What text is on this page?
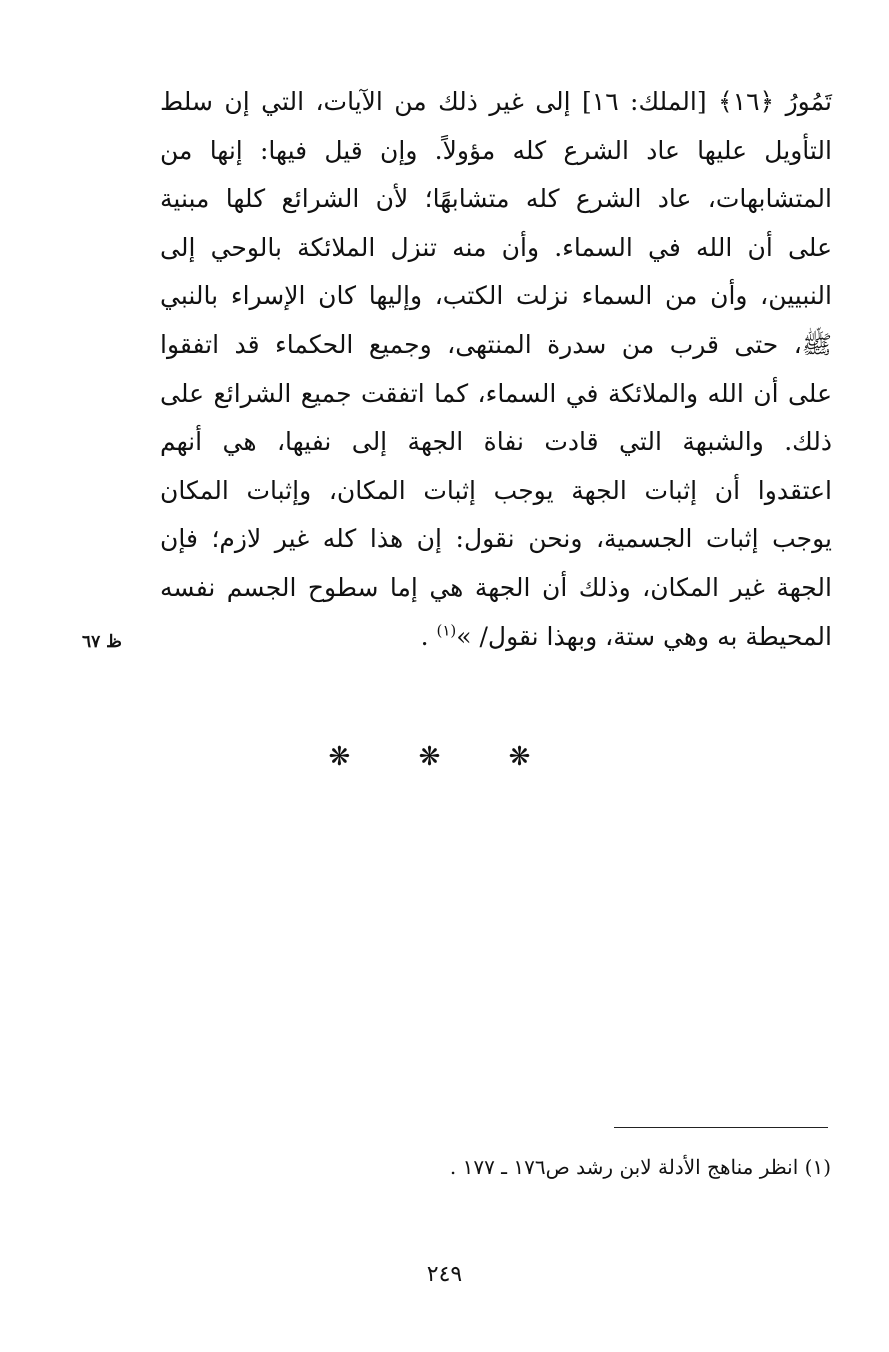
تَمُورُ ﴿١٦﴾ [الملك: ١٦] إلى غير ذلك من الآيات، التي إن سلط
التأويل عليها عاد الشرع كله مؤولاً. وإن قيل فيها: إنها من
المتشابهات، عاد الشرع كله متشابهًا؛ لأن الشرائع كلها مبنية
على أن الله في السماء. وأن منه تنزل الملائكة بالوحي إلى
النبيين، وأن من السماء نزلت الكتب، وإليها كان الإسراء بالنبي
ﷺ، حتى قرب من سدرة المنتهى، وجميع الحكماء قد اتفقوا
على أن الله والملائكة في السماء، كما اتفقت جميع الشرائع على
ذلك. والشبهة التي قادت نفاة الجهة إلى نفيها، هي أنهم
اعتقدوا أن إثبات الجهة يوجب إثبات المكان، وإثبات المكان
يوجب إثبات الجسمية، ونحن نقول: إن هذا كله غير لازم؛ فإن
الجهة غير المكان، وذلك أن الجهة هي إما سطوح الجسم نفسه
المحيطة به وهي ستة، وبهذا نقول/ »$^{(١)}$ .
ظ ٦٧
❋ ❋ ❋
(١) انظر مناهج الأدلة لابن رشد ص١٧٦ ـ ١٧٧ .
٢٤٩
